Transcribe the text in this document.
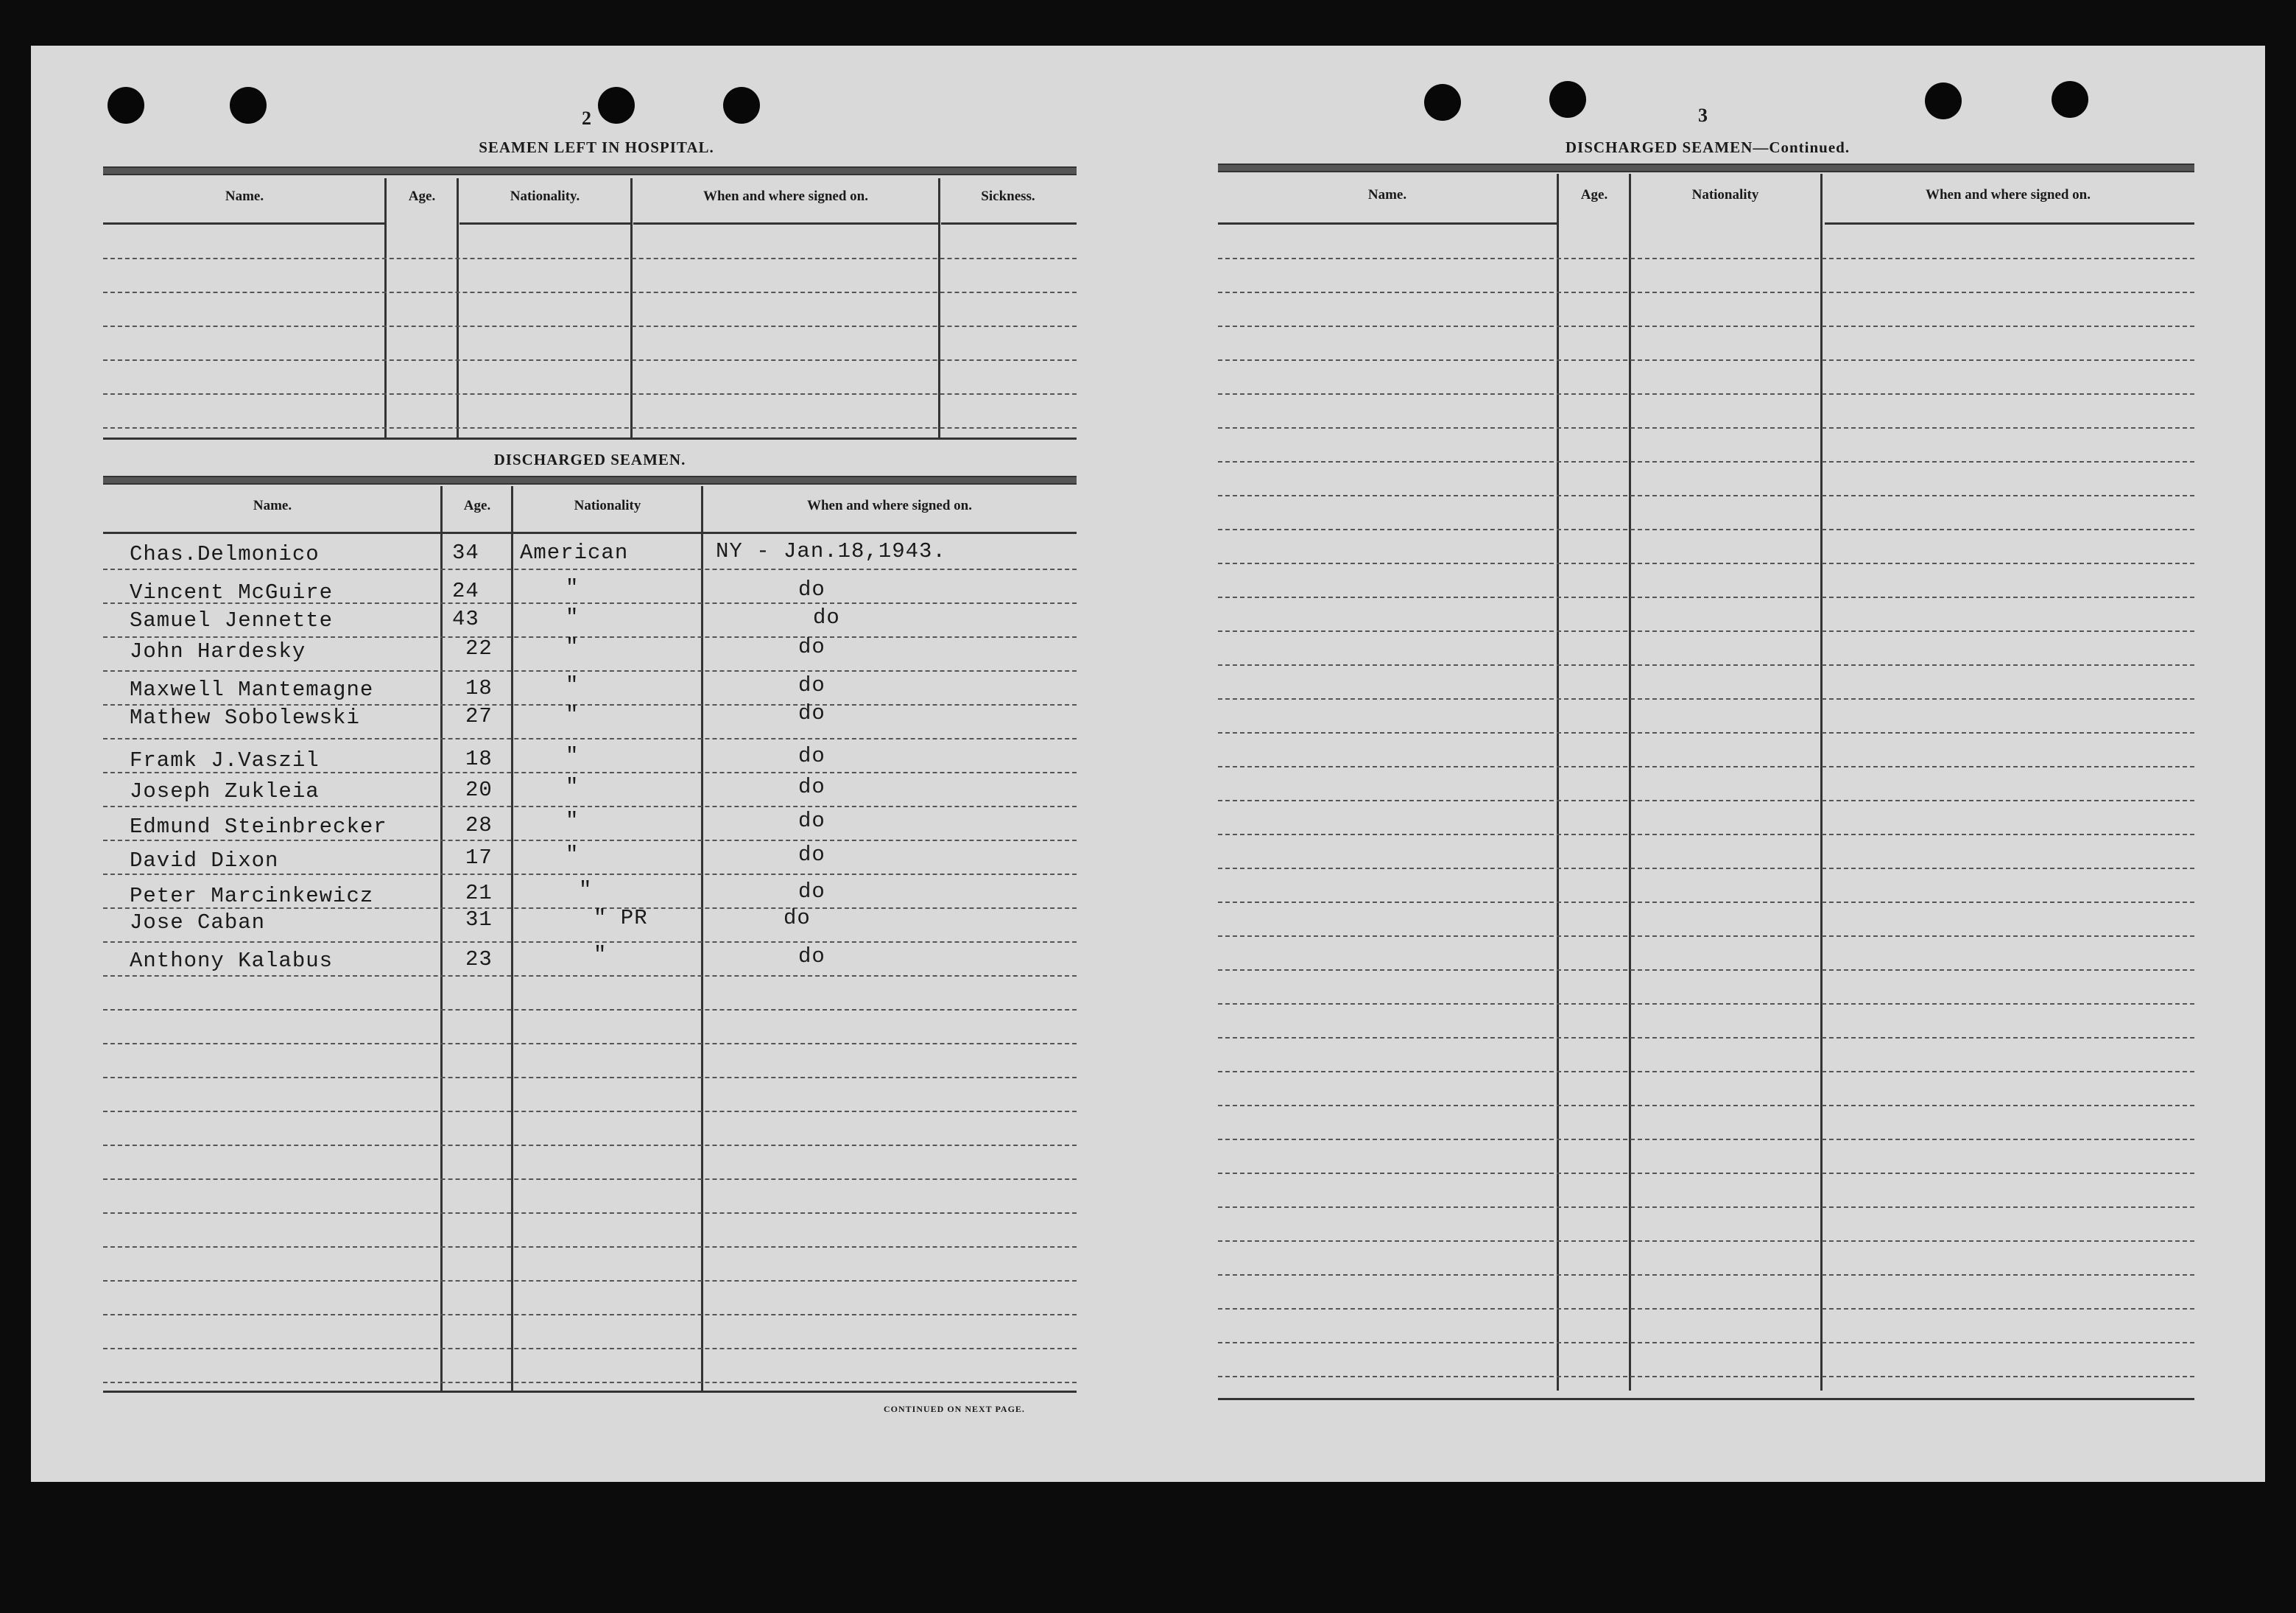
2
SEAMEN LEFT IN HOSPITAL.
Name.	Age.	Nationality.	When and where signed on.	Sickness.
DISCHARGED SEAMEN.
Name.	Age.	Nationality	When and where signed on.
Chas.Delmonico	34 American	NY - Jan.18,1943.
Vincent McGuire	24	"	do
Samuel Jennette	43	"	do
John Hardesky	22	"	do
Maxwell Mantemagne	18	"	do
Mathew Sobolewski	27	"	do
Framk J.Vaszil	18	"	do
Joseph Zukleia	20	"	do
Edmund Steinbrecker	28	"	do
David Dixon	17	"	do
Peter Marcinkewicz	21	"	do
Jose Caban	31	" PR	do
Anthony Kalabus	23	"	do
CONTINUED ON NEXT PAGE.
3
DISCHARGED SEAMEN—Continued.
Name.	Age.	Nationality	When and where signed on.
